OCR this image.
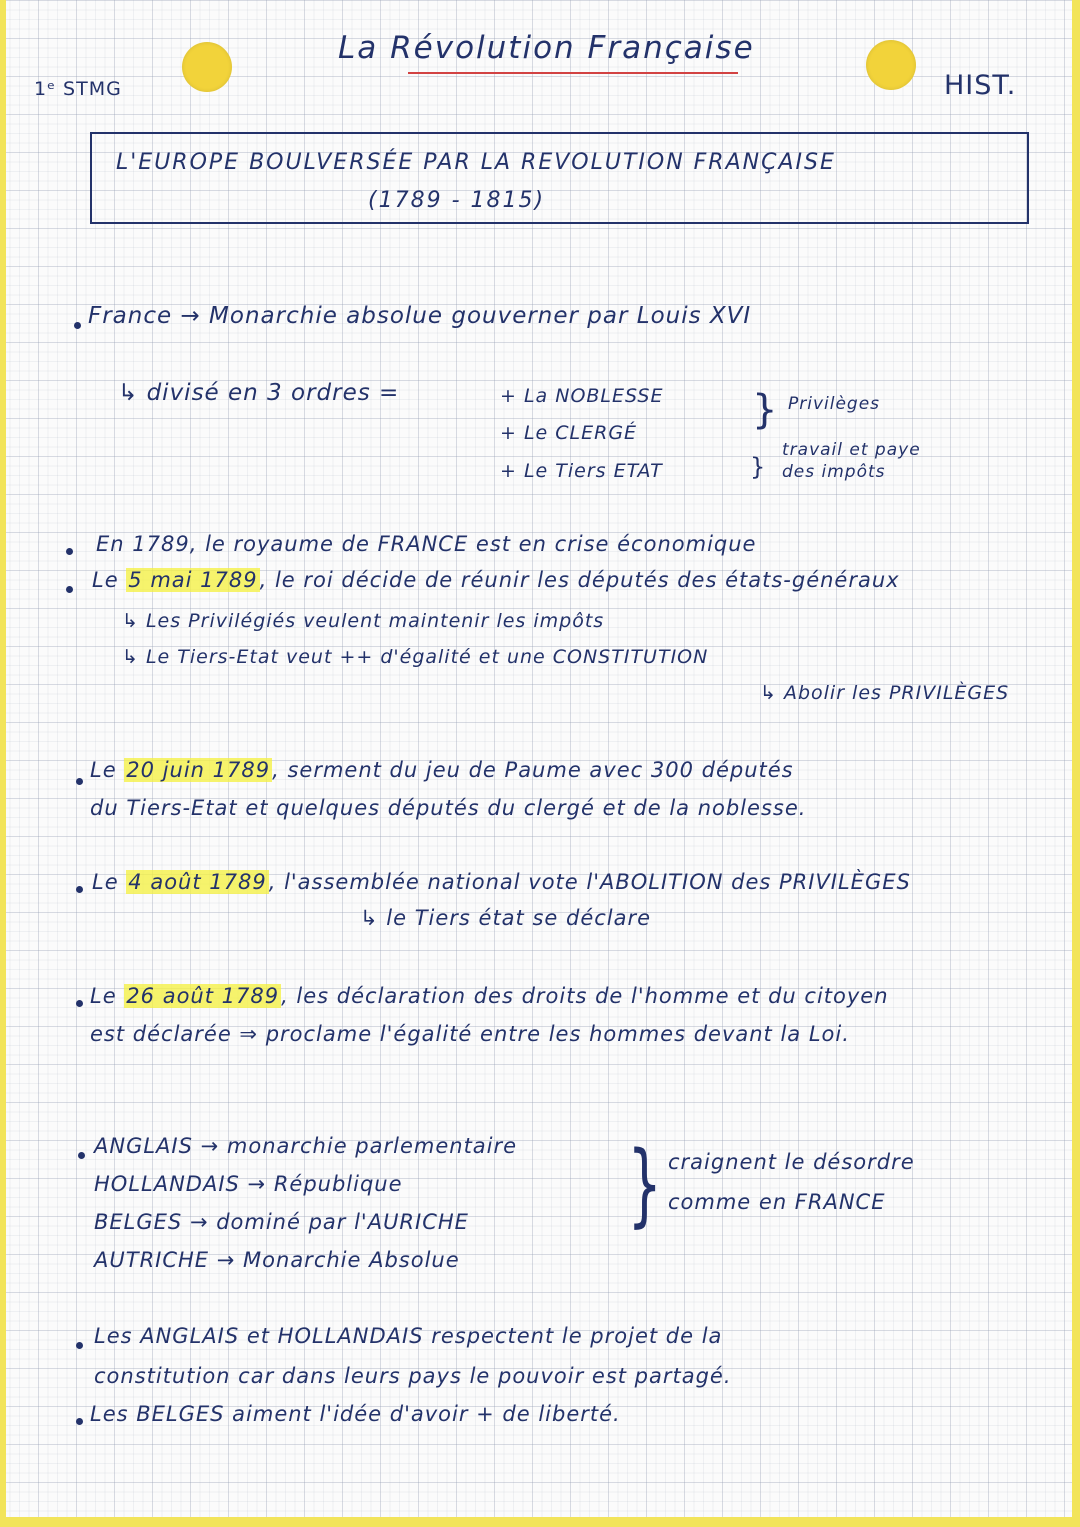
1ᵉ STMG
La Révolution Française
HIST.
L'EUROPE BOULVERSÉE PAR LA REVOLUTION FRANÇAISE
(1789 - 1815)
France → Monarchie absolue gouverner par Louis XVI
↳ divisé en 3 ordres =	+ La NOBLESSE
+ Le CLERGÉ
+ Le Tiers ETAT
} Privilèges
}
travail et paye
des impôts
En 1789, le royaume de FRANCE est en crise économique
Le 5 mai 1789, le roi décide de réunir les députés des états-généraux
↳ Les Privilégiés veulent maintenir les impôts
↳ Le Tiers-Etat veut ++ d'égalité et une CONSTITUTION
↳ Abolir les PRIVILÈGES
Le 20 juin 1789, serment du jeu de Paume avec 300 députés
du Tiers-Etat et quelques députés du clergé et de la noblesse.
Le 4 août 1789, l'assemblée national vote l'ABOLITION des PRIVILÈGES
↳ le Tiers état se déclare
Le 26 août 1789, les déclaration des droits de l'homme et du citoyen
est déclarée ⇒ proclame l'égalité entre les hommes devant la Loi.
ANGLAIS → monarchie parlementaire
HOLLANDAIS → République
BELGES → dominé par l'AURICHE
AUTRICHE → Monarchie Absolue
} craignent le désordre
comme en FRANCE
Les ANGLAIS et HOLLANDAIS respectent le projet de la
constitution car dans leurs pays le pouvoir est partagé.
Les BELGES aiment l'idée d'avoir + de liberté.
